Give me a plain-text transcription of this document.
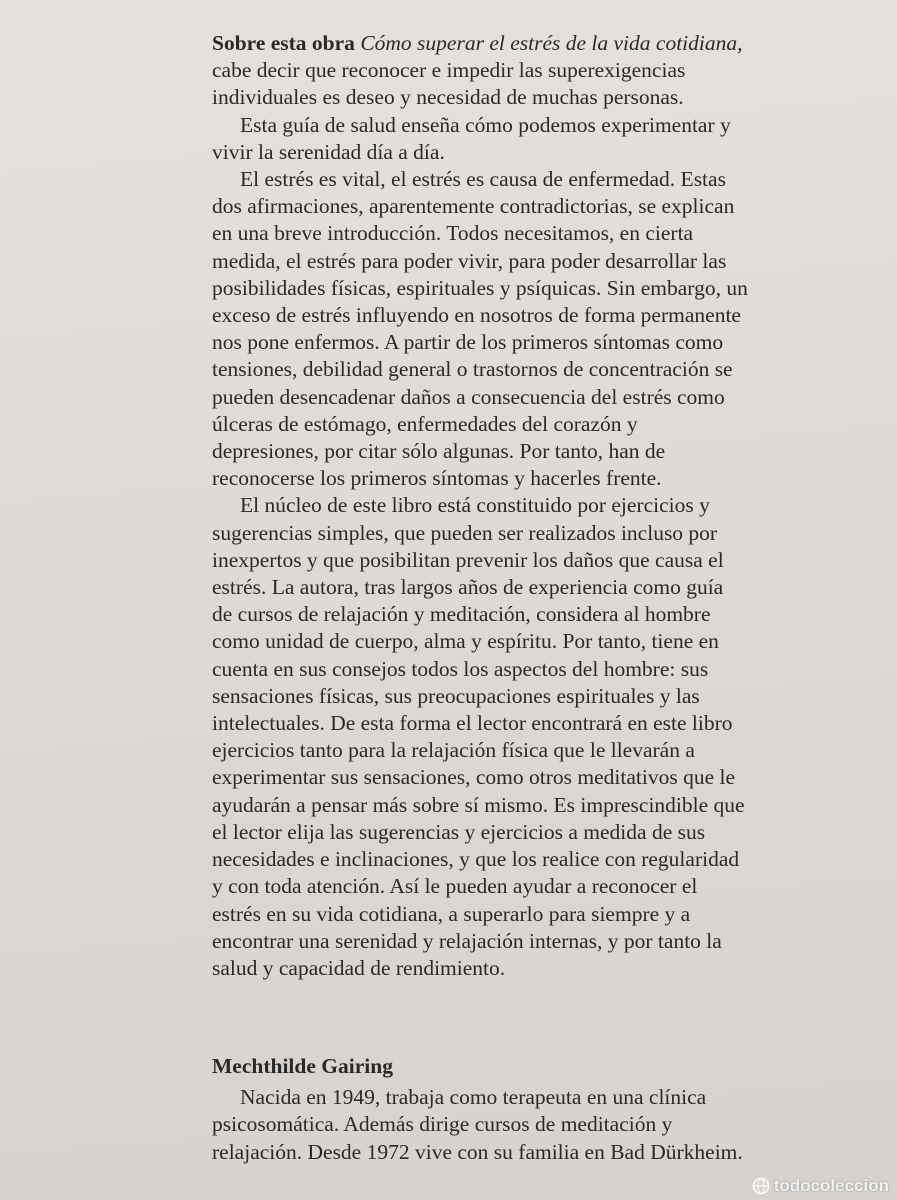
Sobre esta obra Cómo superar el estrés de la vida cotidiana,
cabe decir que reconocer e impedir las superexigencias
individuales es deseo y necesidad de muchas personas.

Esta guía de salud enseña cómo podemos experimentar y
vivir la serenidad día a día.

El estrés es vital, el estrés es causa de enfermedad. Estas
dos afirmaciones, aparentemente contradictorias, se explican
en una breve introducción. Todos necesitamos, en cierta
medida, el estrés para poder vivir, para poder desarrollar las
posibilidades físicas, espirituales y psíquicas. Sin embargo, un
exceso de estrés influyendo en nosotros de forma permanente
nos pone enfermos. A partir de los primeros síntomas como
tensiones, debilidad general o trastornos de concentración se
pueden desencadenar daños a consecuencia del estrés como
úlceras de estómago, enfermedades del corazón y
depresiones, por citar sólo algunas. Por tanto, han de
reconocerse los primeros síntomas y hacerles frente.

El núcleo de este libro está constituido por ejercicios y
sugerencias simples, que pueden ser realizados incluso por
inexpertos y que posibilitan prevenir los daños que causa el
estrés. La autora, tras largos años de experiencia como guía
de cursos de relajación y meditación, considera al hombre
como unidad de cuerpo, alma y espíritu. Por tanto, tiene en
cuenta en sus consejos todos los aspectos del hombre: sus
sensaciones físicas, sus preocupaciones espirituales y las
intelectuales. De esta forma el lector encontrará en este libro
ejercicios tanto para la relajación física que le llevarán a
experimentar sus sensaciones, como otros meditativos que le
ayudarán a pensar más sobre sí mismo. Es imprescindible que
el lector elija las sugerencias y ejercicios a medida de sus
necesidades e inclinaciones, y que los realice con regularidad
y con toda atención. Así le pueden ayudar a reconocer el
estrés en su vida cotidiana, a superarlo para siempre y a
encontrar una serenidad y relajación internas, y por tanto la
salud y capacidad de rendimiento.

Mechthilde Gairing

Nacida en 1949, trabaja como terapeuta en una clínica
psicosomática. Además dirige cursos de meditación y
relajación. Desde 1972 vive con su familia en Bad Dürkheim.

todocoleccion
